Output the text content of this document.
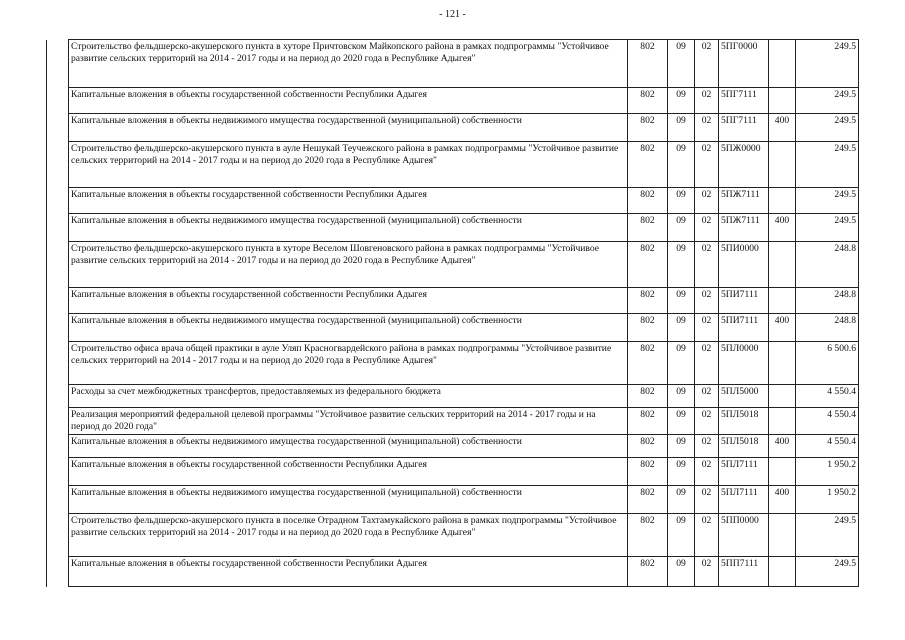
- 121 -
	Строительство фельдшерско-акушерского пункта в хуторе Причтовском Майкопского района в рамках подпрограммы "Устойчивое развитие сельских территорий на 2014 - 2017 годы и на период до 2020 года в Республике Адыгея"	802	09	02	5ПГ0000		249.5
	Капитальные вложения в объекты государственной собственности Республики Адыгея	802	09	02	5ПГ7111		249.5
	Капитальные вложения в объекты недвижимого имущества государственной (муниципальной) собственности	802	09	02	5ПГ7111	400	249.5
	Строительство фельдшерско-акушерского пункта в ауле Нешукай Теучежского района в рамках подпрограммы "Устойчивое развитие сельских территорий на 2014 - 2017 годы и на период до 2020 года в Республике Адыгея"	802	09	02	5ПЖ0000		249.5
	Капитальные вложения в объекты государственной собственности Республики Адыгея	802	09	02	5ПЖ7111		249.5
	Капитальные вложения в объекты недвижимого имущества государственной (муниципальной) собственности	802	09	02	5ПЖ7111	400	249.5
	Строительство фельдшерско-акушерского пункта в хуторе Веселом Шовгеновского района в рамках подпрограммы "Устойчивое развитие сельских территорий на 2014 - 2017 годы и на период до 2020 года в Республике Адыгея"	802	09	02	5ПИ0000		248.8
	Капитальные вложения в объекты государственной собственности Республики Адыгея	802	09	02	5ПИ7111		248.8
	Капитальные вложения в объекты недвижимого имущества государственной (муниципальной) собственности	802	09	02	5ПИ7111	400	248.8
	Строительство офиса врача общей практики в ауле Уляп Красногвардейского района в рамках подпрограммы "Устойчивое развитие сельских территорий на 2014 - 2017 годы и на период до 2020 года в Республике Адыгея"	802	09	02	5ПЛ0000		6 500.6
	Расходы за счет межбюджетных трансфертов, предоставляемых из федерального бюджета	802	09	02	5ПЛ5000		4 550.4
	Реализация мероприятий федеральной целевой программы "Устойчивое развитие сельских территорий на 2014 - 2017 годы и на период до 2020 года"	802	09	02	5ПЛ5018		4 550.4
	Капитальные вложения в объекты недвижимого имущества государственной (муниципальной) собственности	802	09	02	5ПЛ5018	400	4 550.4
	Капитальные вложения в объекты государственной собственности Республики Адыгея	802	09	02	5ПЛ7111		1 950.2
	Капитальные вложения в объекты недвижимого имущества государственной (муниципальной) собственности	802	09	02	5ПЛ7111	400	1 950.2
	Строительство фельдшерско-акушерского пункта в поселке Отрадном Тахтамукайского района в рамках подпрограммы "Устойчивое развитие сельских территорий на 2014 - 2017 годы и на период до 2020 года в Республике Адыгея"	802	09	02	5ПП0000		249.5
	Капитальные вложения в объекты государственной собственности Республики Адыгея	802	09	02	5ПП7111		249.5
